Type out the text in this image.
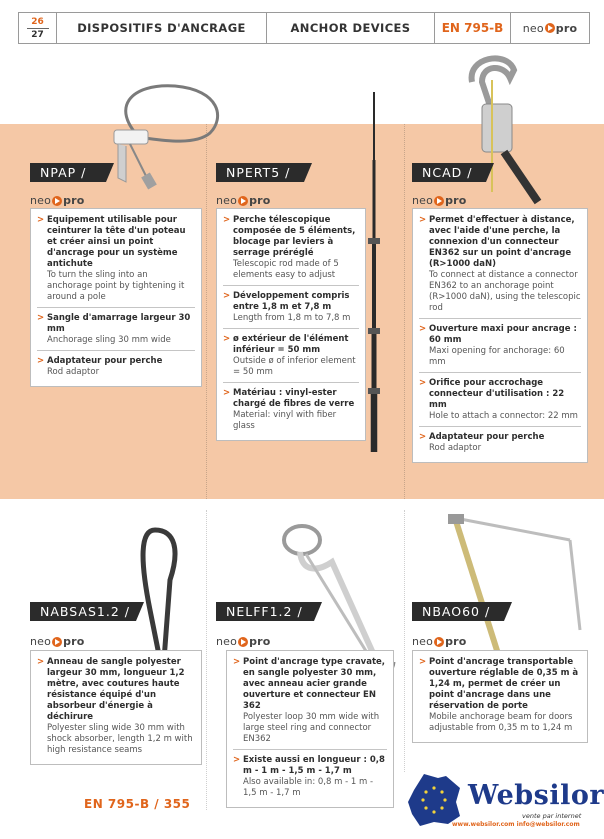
26
27	DISPOSITIFS D'ANCRAGE	ANCHOR DEVICES	EN 795-B	neo pro
NPAP /
neo pro
> Equipement utilisable pour ceinturer la tête d'un poteau et créer ainsi un point d'ancrage pour un système antichute
To turn the sling into an anchorage point by tightening it around a pole
> Sangle d'amarrage largeur 30 mm
Anchorage sling 30 mm wide
> Adaptateur pour perche
Rod adaptor
NPERT5 /
neo pro
> Perche télescopique composée de 5 éléments, blocage par leviers à serrage préréglé
Telescopic rod made of 5 elements easy to adjust
> Développement compris entre 1,8 m et 7,8 m
Length from 1,8 m to 7,8 m
> ø extérieur de l'élément inférieur = 50 mm
Outside ø of inferior element = 50 mm
> Matériau : vinyl-ester chargé de fibres de verre
Material: vinyl with fiber glass
NCAD /
neo pro
> Permet d'effectuer à distance, avec l'aide d'une perche, la connexion d'un connecteur EN362 sur un point d'ancrage (R>1000 daN)
To connect at distance a connector EN362 to an anchorage point (R>1000 daN), using the telescopic rod
> Ouverture maxi pour ancrage : 60 mm
Maxi opening for anchorage: 60 mm
> Orifice pour accrochage connecteur d'utilisation : 22 mm
Hole to attach a connector: 22 mm
> Adaptateur pour perche
Rod adaptor
NABSAS1.2 /
neo pro
> Anneau de sangle polyester largeur 30 mm, longueur 1,2 mètre, avec coutures haute résistance équipé d'un absorbeur d'énergie à déchirure
Polyester sling wide 30 mm with shock absorber, length 1,2 m with high resistance seams
EN 795-B / 355
NELFF1.2 /
neo pro
> Point d'ancrage type cravate, en sangle polyester 30 mm, avec anneau acier grande ouverture et connecteur EN 362
Polyester loop 30 mm wide with large steel ring and connector EN362
> Existe aussi en longueur : 0,8 m - 1 m - 1,5 m - 1,7 m
Also available in: 0,8 m - 1 m - 1,5 m - 1,7 m
NBAO60 /
neo pro
> Point d'ancrage transportable ouverture réglable de 0,35 m à 1,24 m, permet de créer un point d'ancrage dans une réservation de porte
Mobile anchorage beam for doors adjustable from 0,35 m to 1,24 m
Websilor
vente par internet
www.websilor.com info@websilor.com
